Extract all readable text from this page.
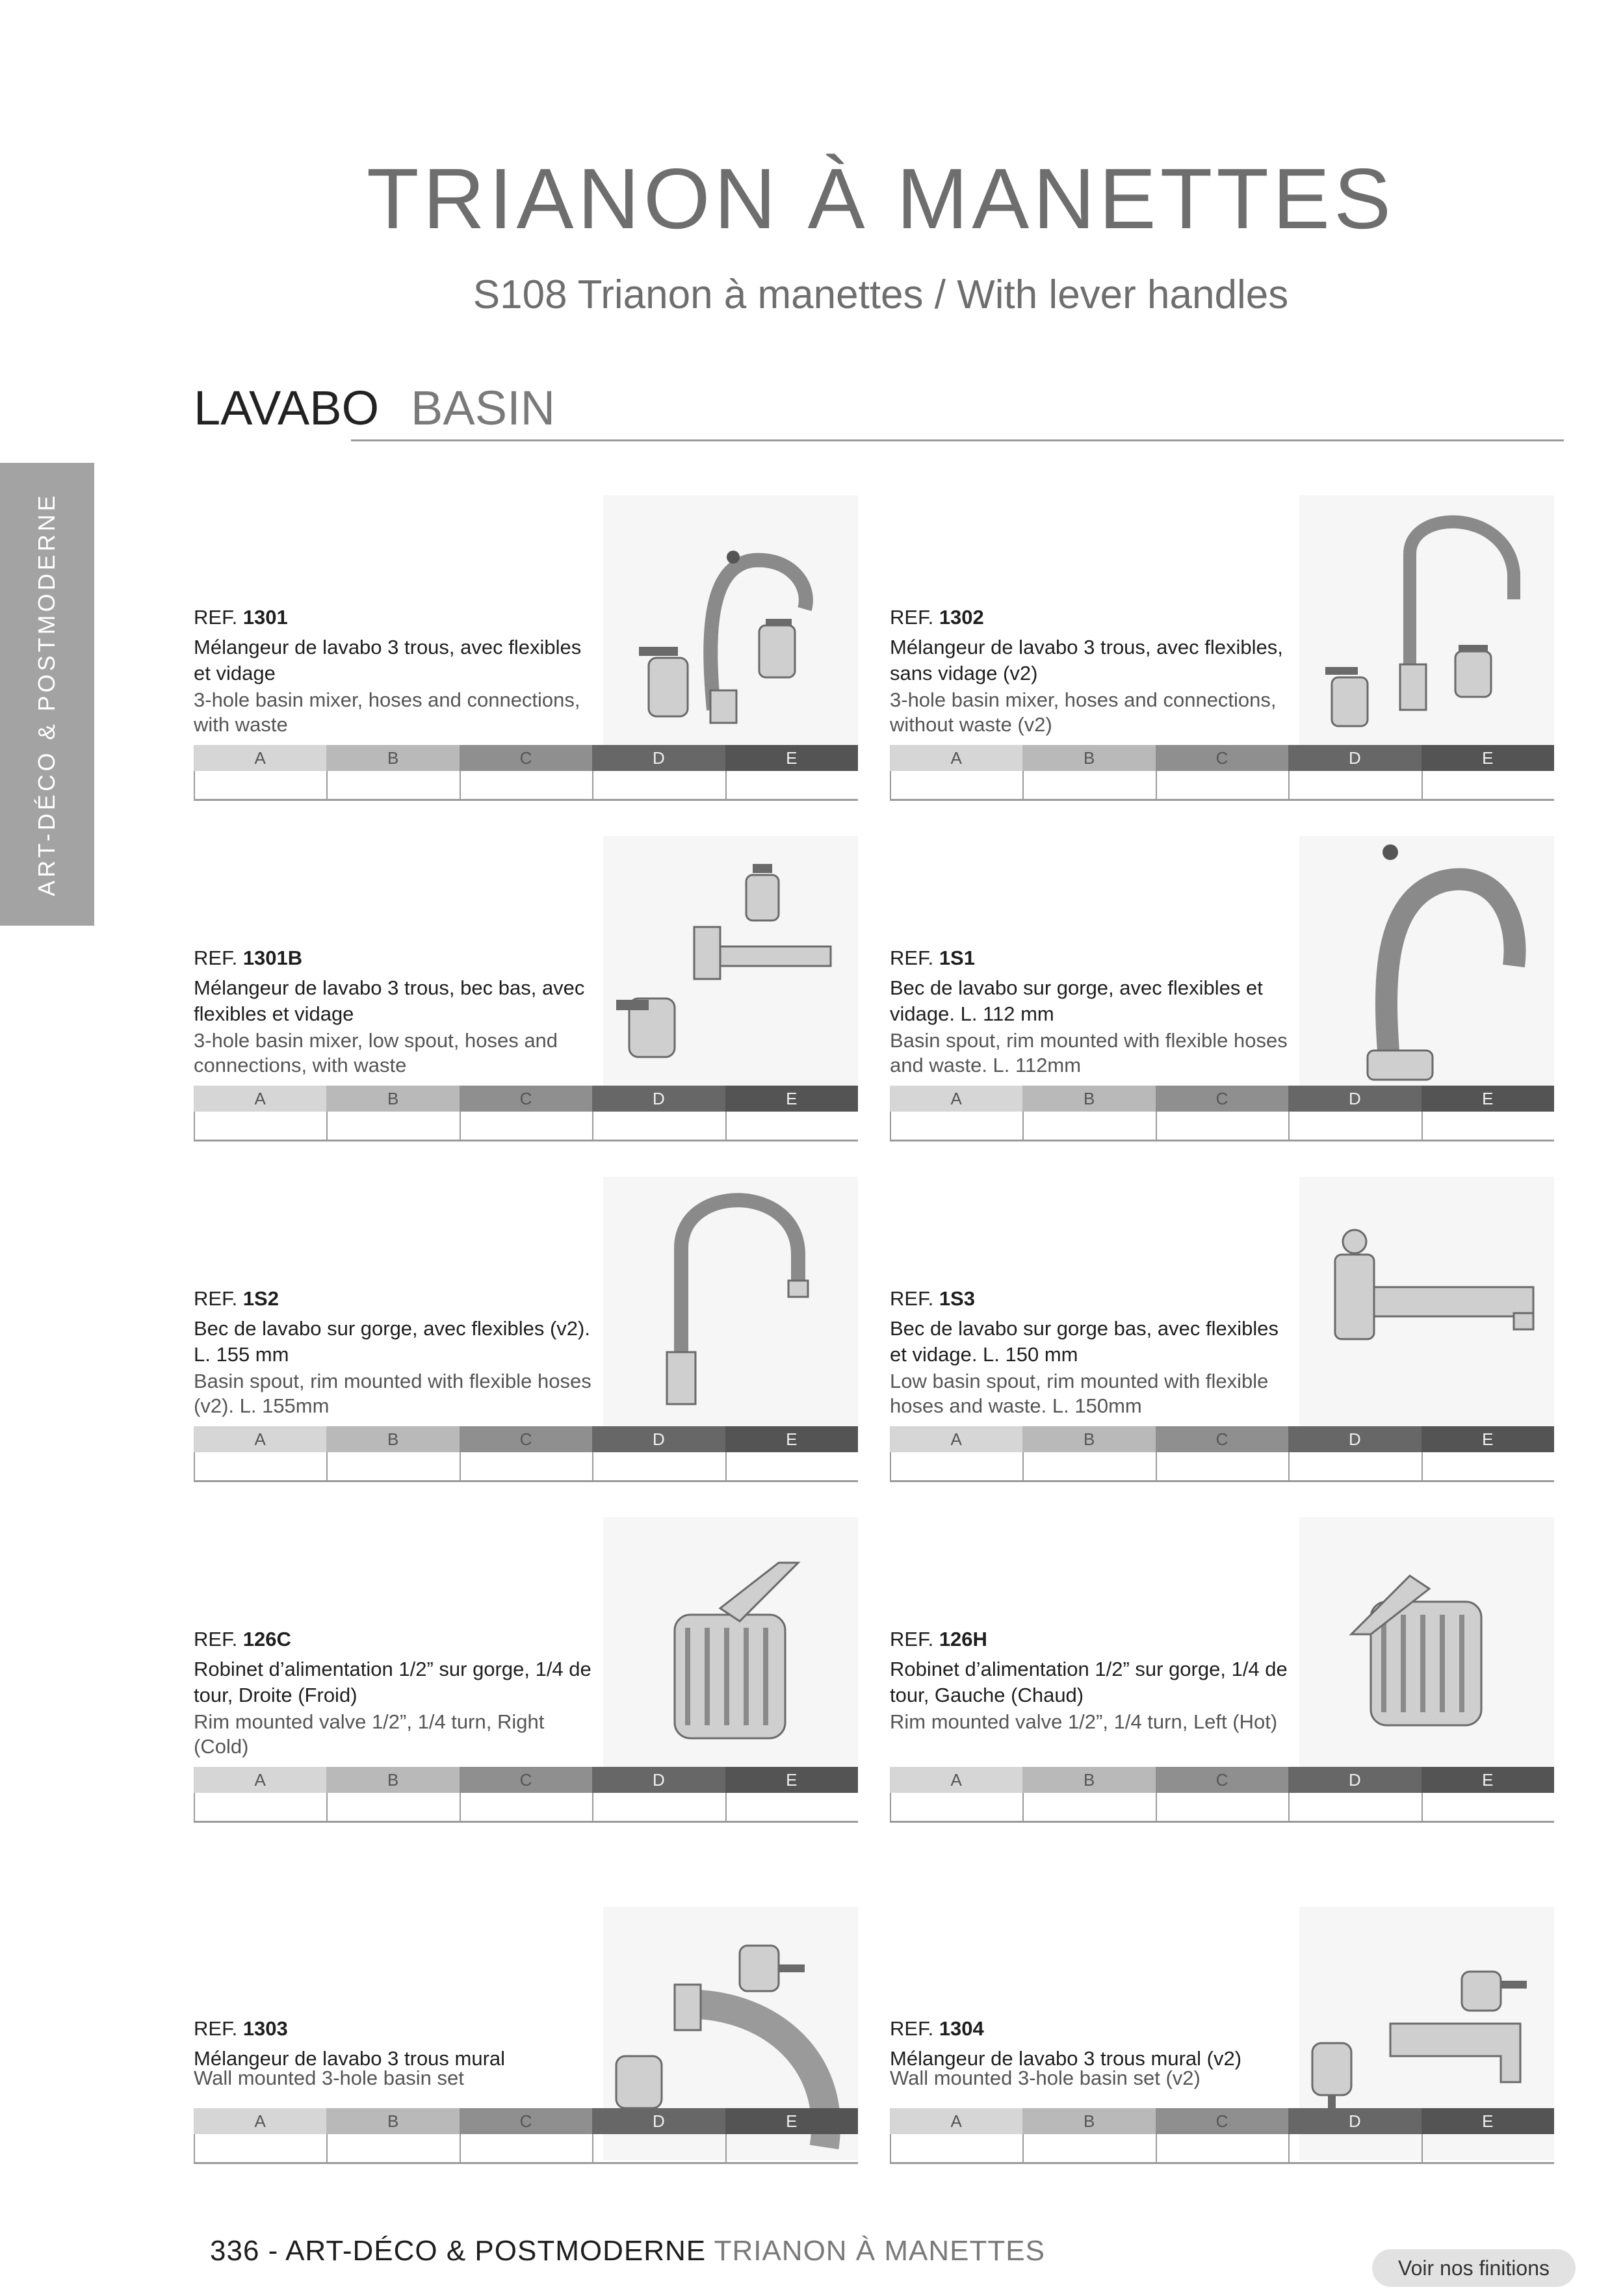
TRIANON À MANETTES
S108 Trianon à manettes / With lever handles
LAVABO BASIN
ART-DÉCO & POSTMODERNE	REF. 1301
Mélangeur de lavabo 3 trous, avec flexibles et vidage
3-hole basin mixer, hoses and connections, with waste
A	B	C	D	E
REF. 1302
Mélangeur de lavabo 3 trous, avec flexibles, sans vidage (v2)
3-hole basin mixer, hoses and connections, without waste (v2)
A	B	C	D	E
REF. 1301B
Mélangeur de lavabo 3 trous, bec bas, avec flexibles et vidage
3-hole basin mixer, low spout, hoses and connections, with waste
A	B	C	D	E
REF. 1S1
Bec de lavabo sur gorge, avec flexibles et vidage. L. 112 mm
Basin spout, rim mounted with flexible hoses and waste. L. 112mm
A	B	C	D	E
REF. 1S2
Bec de lavabo sur gorge, avec flexibles (v2). L. 155 mm
Basin spout, rim mounted with flexible hoses (v2). L. 155mm
A	B	C	D	E
REF. 1S3
Bec de lavabo sur gorge bas, avec flexibles et vidage. L. 150 mm
Low basin spout, rim mounted with flexible hoses and waste. L. 150mm
A	B	C	D	E
REF. 126C
Robinet d’alimentation 1/2” sur gorge, 1/4 de tour, Droite (Froid)
Rim mounted valve 1/2”, 1/4 turn, Right (Cold)
A	B	C	D	E
REF. 126H
Robinet d’alimentation 1/2” sur gorge, 1/4 de tour, Gauche (Chaud)
Rim mounted valve 1/2”, 1/4 turn, Left (Hot)
A	B	C	D	E
REF. 1303
Mélangeur de lavabo 3 trous mural
Wall mounted 3-hole basin set
A	B	C	D	E
REF. 1304
Mélangeur de lavabo 3 trous mural (v2)
Wall mounted 3-hole basin set (v2)
A	B	C	D	E
336 - ART-DÉCO & POSTMODERNE TRIANON À MANETTES
Voir nos finitions
